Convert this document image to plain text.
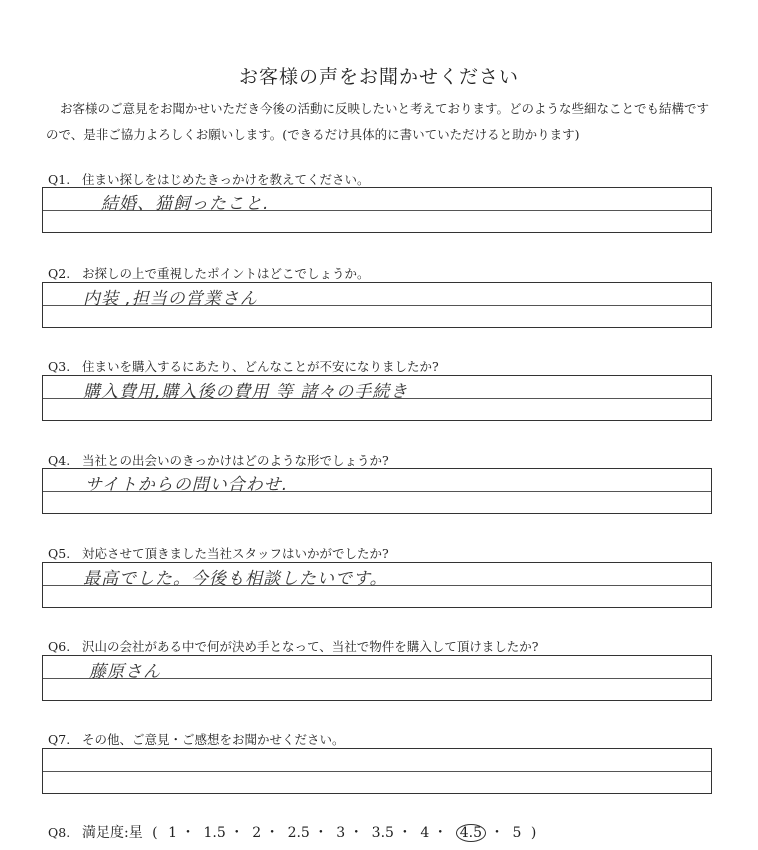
お客様の声をお聞かせください
お客様のご意見をお聞かせいただき今後の活動に反映したいと考えております。どのような些細なことでも結構ですので、是非ご協力よろしくお願いします。(できるだけ具体的に書いていただけると助かります)
Q1. 住まい探しをはじめたきっかけを教えてください。
結婚、猫飼ったこと.
Q2. お探しの上で重視したポイントはどこでしょうか。
内装 ,担当の営業さん
Q3. 住まいを購入するにあたり、どんなことが不安になりましたか?
購入費用,購入後の費用 等 諸々の手続き
Q4. 当社との出会いのきっかけはどのような形でしょうか?
サイトからの問い合わせ.
Q5. 対応させて頂きました当社スタッフはいかがでしたか?
最高でした。今後も相談したいです。
Q6. 沢山の会社がある中で何が決め手となって、当社で物件を購入して頂けましたか?
藤原さん
Q7. その他、ご意見・ご感想をお聞かせください。
Q8. 満足度:星 ( 1 ・ 1.5 ・ 2 ・ 2.5 ・ 3 ・ 3.5 ・ 4 ・ 4.5 ・ 5 )
